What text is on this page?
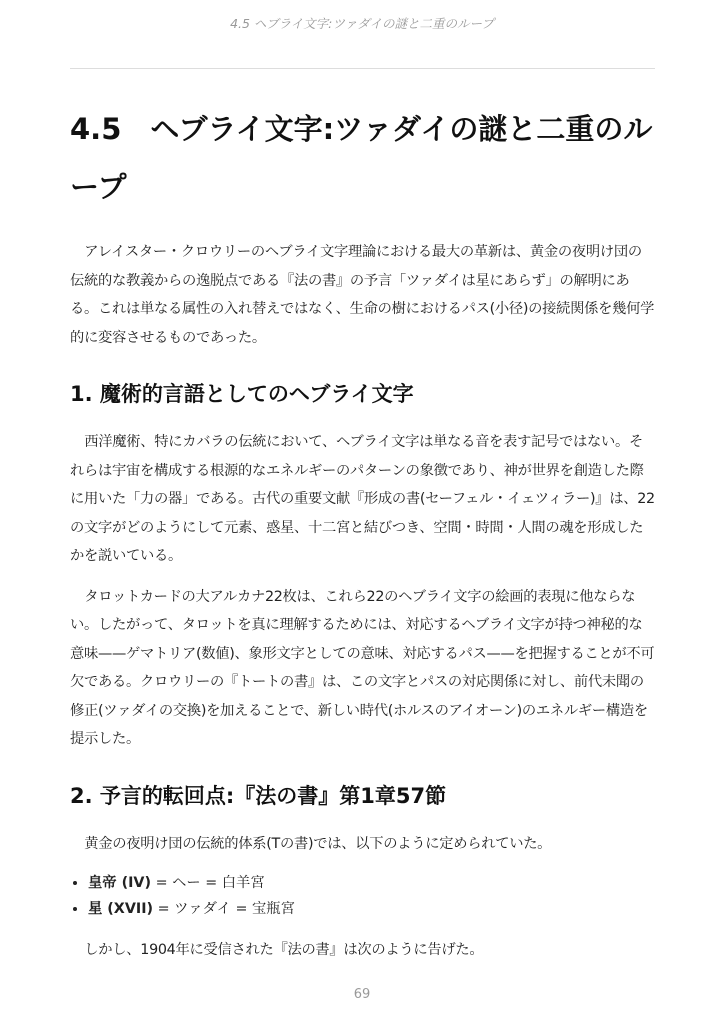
4.5 ヘブライ文字:ツァダイの謎と二重のループ
4.5　ヘブライ文字:ツァダイの謎と二重のループ

アレイスター・クロウリーのヘブライ文字理論における最大の革新は、黄金の夜明け団の伝統的な教義からの逸脱点である『法の書』の予言「ツァダイは星にあらず」の解明にある。これは単なる属性の入れ替えではなく、生命の樹におけるパス(小径)の接続関係を幾何学的に変容させるものであった。

1. 魔術的言語としてのヘブライ文字

西洋魔術、特にカバラの伝統において、ヘブライ文字は単なる音を表す記号ではない。それらは宇宙を構成する根源的なエネルギーのパターンの象徴であり、神が世界を創造した際に用いた「力の器」である。古代の重要文献『形成の書(セーフェル・イェツィラー)』は、22の文字がどのようにして元素、惑星、十二宮と結びつき、空間・時間・人間の魂を形成したかを説いている。

タロットカードの大アルカナ22枚は、これら22のヘブライ文字の絵画的表現に他ならない。したがって、タロットを真に理解するためには、対応するヘブライ文字が持つ神秘的な意味——ゲマトリア(数値)、象形文字としての意味、対応するパス——を把握することが不可欠である。クロウリーの『トートの書』は、この文字とパスの対応関係に対し、前代未聞の修正(ツァダイの交換)を加えることで、新しい時代(ホルスのアイオーン)のエネルギー構造を提示した。

2. 予言的転回点:『法の書』第1章57節

黄金の夜明け団の伝統的体系(Tの書)では、以下のように定められていた。

• 皇帝 (IV) = ヘー = 白羊宮
• 星 (XVII) = ツァダイ = 宝瓶宮

しかし、1904年に受信された『法の書』は次のように告げた。

69
